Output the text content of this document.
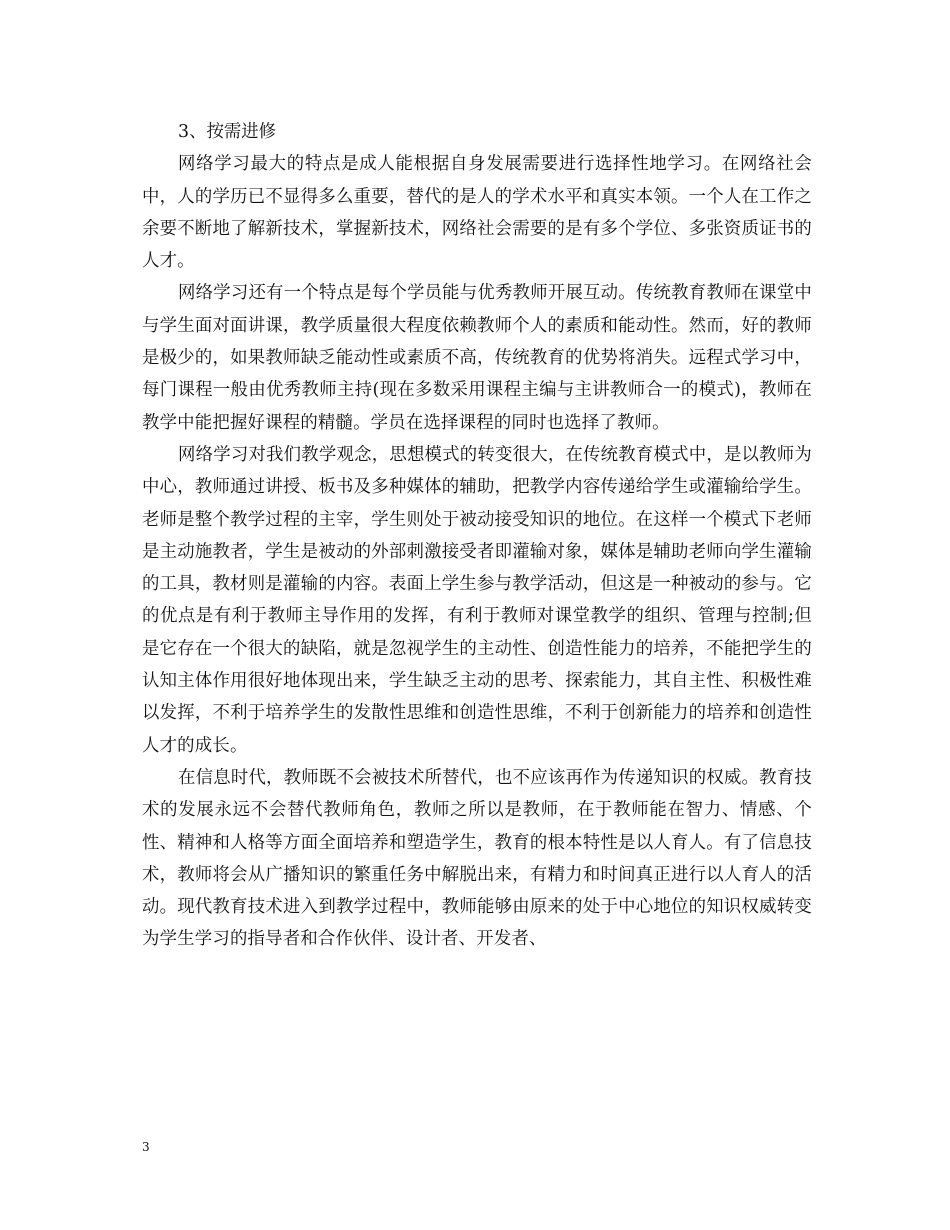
3、按需进修

网络学习最大的特点是成人能根据自身发展需要进行选择性地学习。在网络社会中，人的学历已不显得多么重要，替代的是人的学术水平和真实本领。一个人在工作之余要不断地了解新技术，掌握新技术，网络社会需要的是有多个学位、多张资质证书的人才。

网络学习还有一个特点是每个学员能与优秀教师开展互动。传统教育教师在课堂中与学生面对面讲课，教学质量很大程度依赖教师个人的素质和能动性。然而，好的教师是极少的，如果教师缺乏能动性或素质不高，传统教育的优势将消失。远程式学习中，每门课程一般由优秀教师主持(现在多数采用课程主编与主讲教师合一的模式)，教师在教学中能把握好课程的精髓。学员在选择课程的同时也选择了教师。

网络学习对我们教学观念，思想模式的转变很大，在传统教育模式中，是以教师为中心，教师通过讲授、板书及多种媒体的辅助，把教学内容传递给学生或灌输给学生。老师是整个教学过程的主宰，学生则处于被动接受知识的地位。在这样一个模式下老师是主动施教者，学生是被动的外部刺激接受者即灌输对象，媒体是辅助老师向学生灌输的工具，教材则是灌输的内容。表面上学生参与教学活动，但这是一种被动的参与。它的优点是有利于教师主导作用的发挥，有利于教师对课堂教学的组织、管理与控制;但是它存在一个很大的缺陷，就是忽视学生的主动性、创造性能力的培养，不能把学生的认知主体作用很好地体现出来，学生缺乏主动的思考、探索能力，其自主性、积极性难以发挥，不利于培养学生的发散性思维和创造性思维，不利于创新能力的培养和创造性人才的成长。

在信息时代，教师既不会被技术所替代，也不应该再作为传递知识的权威。教育技术的发展永远不会替代教师角色，教师之所以是教师，在于教师能在智力、情感、个性、精神和人格等方面全面培养和塑造学生，教育的根本特性是以人育人。有了信息技术，教师将会从广播知识的繁重任务中解脱出来，有精力和时间真正进行以人育人的活动。现代教育技术进入到教学过程中，教师能够由原来的处于中心地位的知识权威转变为学生学习的指导者和合作伙伴、设计者、开发者、

3
